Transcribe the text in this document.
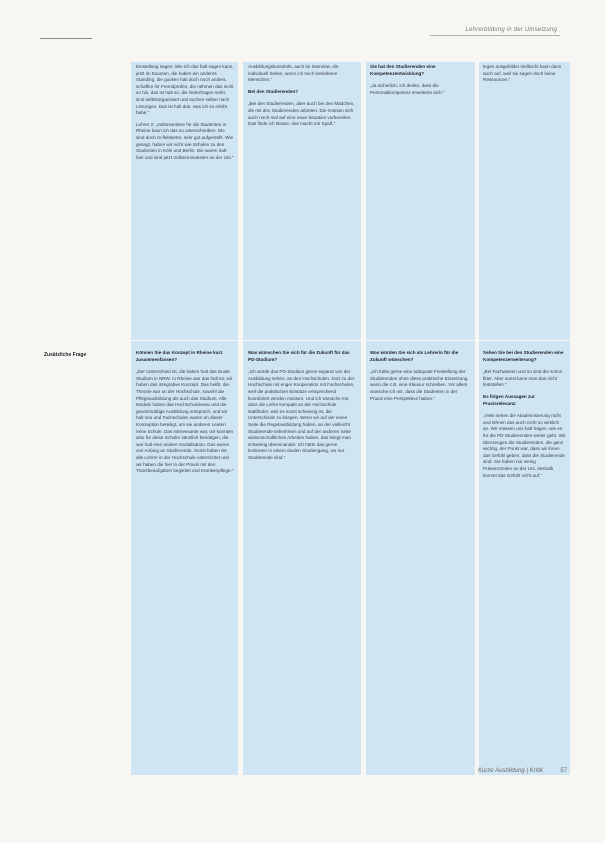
Lehrerbildung in der Umsetzung

Einstellung sagen: Wie ich das halt sagen kann, jetzt im Examen, die haben ein anderes Standing, die gucken halt doch noch anders, schaffen ihr Fremdprüfen, die nehmen das nicht so hin, das ist halt so, die hinterfragen mehr, sind selbstorganisiert und suchen selber nach Lösungen. Das ist halt das, was ich so erlebt habe.“

Lehrer 2: „Insbesondere für die Studenten in Rheine kann ich das so unterschreiben. Die sind doch re-flektierter, sehr gut aufgestellt. Wie gesagt, haben wir nicht wie Schulen zu den Studenten in Köln und Berlin. Die waren halt hier und sind jetzt Volkseminaristen an der Uni.“

Ausbildungskonstrukt, auch im Interview, die individuell Seiten, wenn ich mich betriebene Menschen.“

Bei den Studierenden?

„Bei den Studierenden, aber auch bei den Mädchen, die mit den Studierenden arbeiten. Die müssen sich auch noch mal auf eine neue Situation vorbereiten. Das finde ich klasse, das macht mir Spaß.“

Sie hat den Studierenden eine Kompetenzentwicklung?

„Ja sicherlich, ich denke, dass die Personalkompetenz erweiterte sich.“

legen ausgebildet Vielleicht kann dann auch auf, weil sie sagen doch keine Ressourcen.“

Zusätzliche Frage	Können Sie das Konzept in Rheine kurz zusammenfassen?

„Der Unterschied ist, die haben halt das Duale Studium in NRW. In Rheine war das halt so, wir haben das integrative Konzept. Das heißt, die Theorie war an der Hochschule, sowohl die Pflegeausbildung als auch das Studium. Alle Module haben das Hochschulniveau und die gesetzmäßige Ausbildung entsprach, und wir halt neu und Fachschulen waren an dieser Konzeption beteiligt, um sie anderen Leuten reine Schule. Das interessante war, wir konnten also für diese Schüler sämtlich benötigen, die war halt eine andere Sozialisation. Das waren von Anfang an Studierende. Somit haben sie alle Lehrer in der Hochschule unterrichtet und wir haben die hier in der Praxis mit den Transferaufgaben begleitet und Krankenpflege.“

Was wünschen Sie sich für die Zukunft für das PD-Studium?

„Ich würde das PD-Studium gerne separat von der Ausbildung sehen, an den Hochschulen. Dort zu der Hochschule mit enger Kooperation mit Fachschulen, weil die praktischen Einsätze entsprechend koordiniert werden müssen. Und ich wünsche mir, dass die Lehre kompakt an der Hochschule stattfindet, weil es sonst schwierig ist, die Unterschiede zu kriegen. Wenn wir auf der einen Seite die Regelausbildung haben, an der vielleicht Studierende teilnehmen und auf der anderen Seite wissenschaftliches Arbeiten haben, das kriegt man schwierig übereinander. Ich hätte das gerne konkreter in einem dualen Studiengang, wo nur Studierende sind.“

Was würden Sie sich als Lehrerin für die Zukunft wünschen?

„Ich hätte gerne eine adäquate Freistellung der Studierenden ohne diese praktische Einsetzung, wenn die z.B. eine Klausur schreiben. Vor allem wünsche ich mir, dass die Studenten in der Praxis eine Perspektive haben.“

Sehen Sie bei den Studierenden eine Kompetenzerweiterung?

„Bei Fachwissen und so sind die schon fitter. Aber sonst kann man das nicht feststellen.“

Es folgen Aussagen zur Praxisrelevanz:

„Viele sehen die Akademisierung nicht und lehnen das auch nicht so wirklich an. Wir müssen uns halt fragen, wie es für die PD-Studierenden weiter geht. Wir überzeugen die Studierenden, die ganz wichtig, der Punkt war, dass wir ihnen das Gefühl geben, dass die Studierende sind. Sie haben nur wenig Präsenzzeiten an der Uni, deshalb kommt das Gefühl nicht auf.“

Kurze Ausbildung | Kritik	57
